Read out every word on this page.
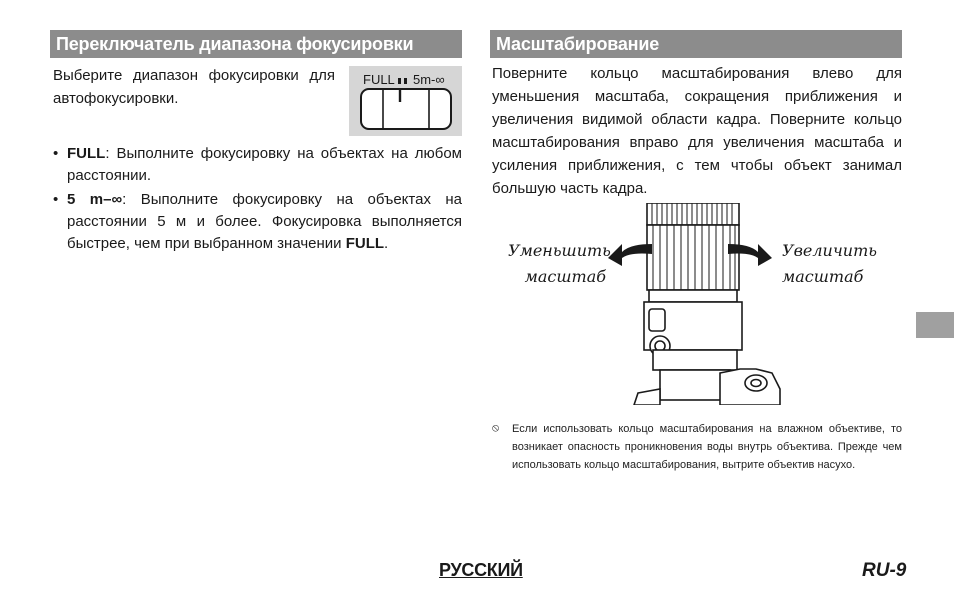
Переключатель диапазона фокусировки
Выберите диапазон фокусировки для автофокусировки.
FULL 5m-∞
• FULL: Выполните фокусировку на объектах на любом расстоянии.
• 5 m–∞: Выполните фокусировку на объектах на расстоянии 5 м и более. Фокусировка выполняется быстрее, чем при выбранном значении FULL.
Масштабирование
Поверните кольцо масштабирования влево для уменьшения масштаба, сокращения приближения и увеличения видимой области кадра. Поверните кольцо масштабирования вправо для увеличения масштаба и усиления приближения, с тем чтобы объект занимал большую часть кадра.
Уменьшить
масштаб
Увеличить
масштаб
⦸ Если использовать кольцо масштабирования на влажном объективе, то возникает опасность проникновения воды внутрь объектива. Прежде чем использовать кольцо масштабирования, вытрите объектив насухо.
РУССКИЙ	RU-9
